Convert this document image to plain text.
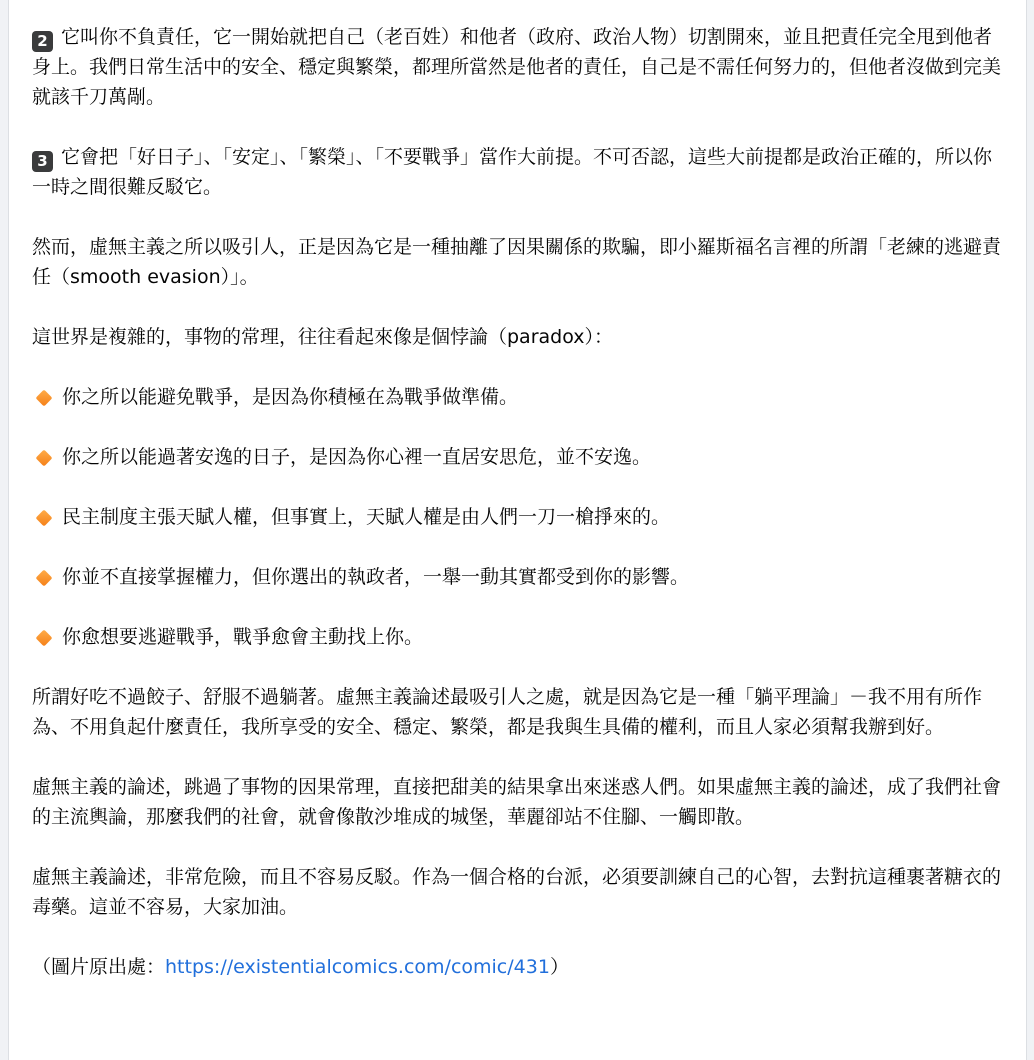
2 它叫你不負責任，它一開始就把自己（老百姓）和他者（政府、政治人物）切割開來，並且把責任完全甩到他者身上。我們日常生活中的安全、穩定與繁榮，都理所當然是他者的責任，自己是不需任何努力的，但他者沒做到完美就該千刀萬剮。

3 它會把「好日子」、「安定」、「繁榮」、「不要戰爭」當作大前提。不可否認，這些大前提都是政治正確的，所以你一時之間很難反駁它。

然而，虛無主義之所以吸引人，正是因為它是一種抽離了因果關係的欺騙，即小羅斯福名言裡的所謂「老練的逃避責任（smooth evasion）」。

這世界是複雜的，事物的常理，往往看起來像是個悖論（paradox）：

你之所以能避免戰爭，是因為你積極在為戰爭做準備。

你之所以能過著安逸的日子，是因為你心裡一直居安思危，並不安逸。

民主制度主張天賦人權，但事實上，天賦人權是由人們一刀一槍掙來的。

你並不直接掌握權力，但你選出的執政者，一舉一動其實都受到你的影響。

你愈想要逃避戰爭，戰爭愈會主動找上你。

所謂好吃不過餃子、舒服不過躺著。虛無主義論述最吸引人之處，就是因為它是一種「躺平理論」－我不用有所作為、不用負起什麼責任，我所享受的安全、穩定、繁榮，都是我與生具備的權利，而且人家必須幫我辦到好。

虛無主義的論述，跳過了事物的因果常理，直接把甜美的結果拿出來迷惑人們。如果虛無主義的論述，成了我們社會的主流輿論，那麼我們的社會，就會像散沙堆成的城堡，華麗卻站不住腳、一觸即散。

虛無主義論述，非常危險，而且不容易反駁。作為一個合格的台派，必須要訓練自己的心智，去對抗這種裹著糖衣的毒藥。這並不容易，大家加油。

（圖片原出處：https://existentialcomics.com/comic/431）
